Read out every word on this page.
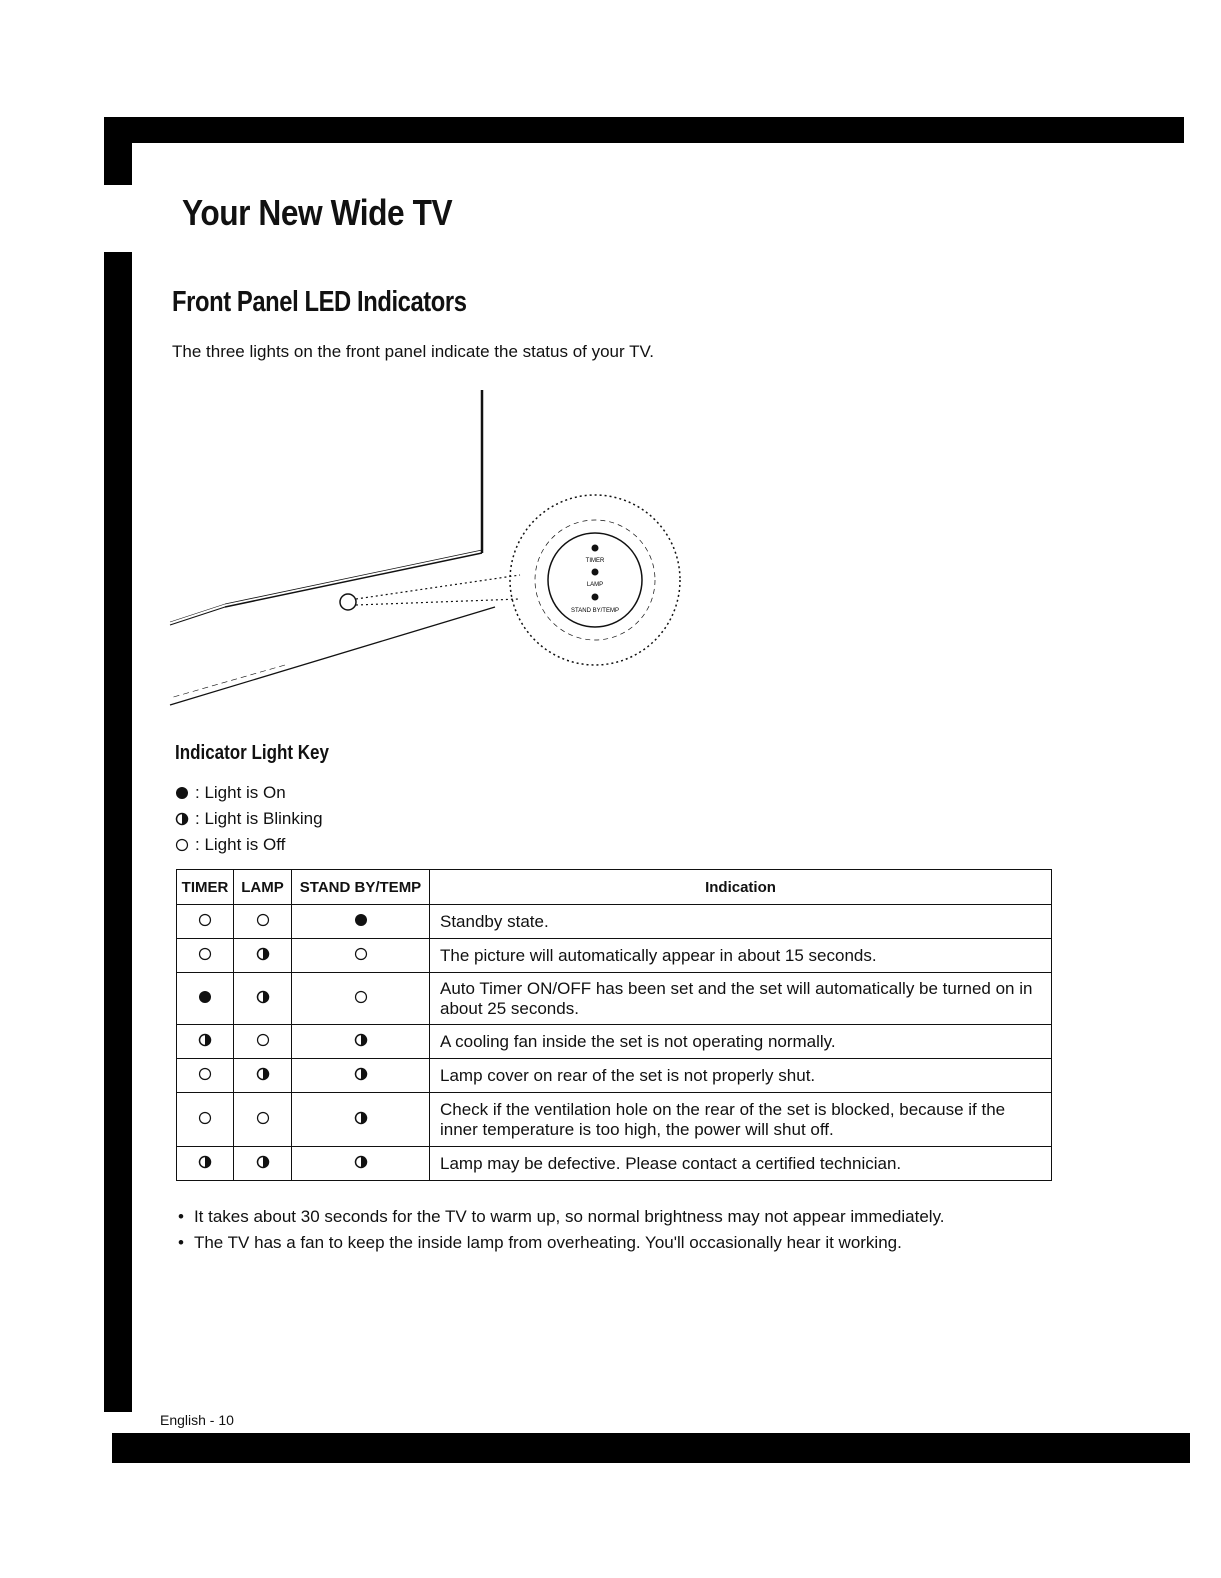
Your New Wide TV
Front Panel LED Indicators

The three lights on the front panel indicate the status of your TV.

TIMER
LAMP
STAND BY/TEMP
Indicator Light Key
: Light is On
: Light is Blinking
: Light is Off
TIMER	LAMP	STAND BY/TEMP	Indication
			Standby state.
			The picture will automatically appear in about 15 seconds.
			Auto Timer ON/OFF has been set and the set will automatically be turned on in about 25 seconds.
			A cooling fan inside the set is not operating normally.
			Lamp cover on rear of the set is not properly shut.
			Check if the ventilation hole on the rear of the set is blocked, because if the inner temperature is too high, the power will shut off.
			Lamp may be defective. Please contact a certified technician.
• It takes about 30 seconds for the TV to warm up, so normal brightness may not appear immediately.
• The TV has a fan to keep the inside lamp from overheating. You'll occasionally hear it working.
English - 10
